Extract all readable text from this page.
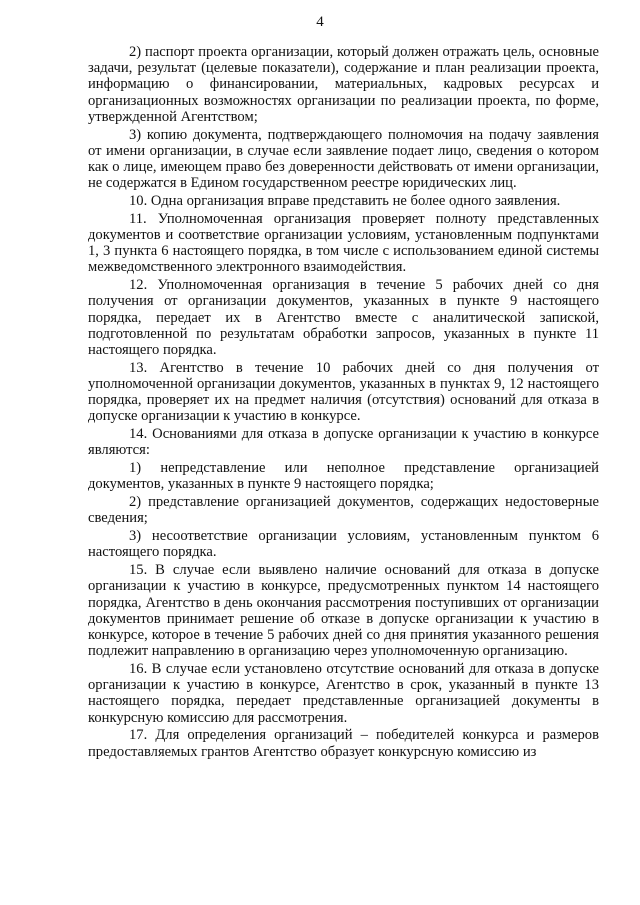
4

2) паспорт проекта организации, который должен отражать цель, основные задачи, результат (целевые показатели), содержание и план реализации проекта, информацию о финансировании, материальных, кадровых ресурсах и организационных возможностях организации по реализации проекта, по форме, утвержденной Агентством;

3) копию документа, подтверждающего полномочия на подачу заявления от имени организации, в случае если заявление подает лицо, сведения о котором как о лице, имеющем право без доверенности действовать от имени организации, не содержатся в Едином государственном реестре юридических лиц.

10. Одна организация вправе представить не более одного заявления.

11. Уполномоченная организация проверяет полноту представленных документов и соответствие организации условиям, установленным подпунктами 1, 3 пункта 6 настоящего порядка, в том числе с использованием единой системы межведомственного электронного взаимодействия.

12. Уполномоченная организация в течение 5 рабочих дней со дня получения от организации документов, указанных в пункте 9 настоящего порядка, передает их в Агентство вместе с аналитической запиской, подготовленной по результатам обработки запросов, указанных в пункте 11 настоящего порядка.

13. Агентство в течение 10 рабочих дней со дня получения от уполномоченной организации документов, указанных в пунктах 9, 12 настоящего порядка, проверяет их на предмет наличия (отсутствия) оснований для отказа в допуске организации к участию в конкурсе.

14. Основаниями для отказа в допуске организации к участию в конкурсе являются:

1) непредставление или неполное представление организацией документов, указанных в пункте 9 настоящего порядка;

2) представление организацией документов, содержащих недостоверные сведения;

3) несоответствие организации условиям, установленным пунктом 6 настоящего порядка.

15. В случае если выявлено наличие оснований для отказа в допуске организации к участию в конкурсе, предусмотренных пунктом 14 настоящего порядка, Агентство в день окончания рассмотрения поступивших от организации документов принимает решение об отказе в допуске организации к участию в конкурсе, которое в течение 5 рабочих дней со дня принятия указанного решения подлежит направлению в организацию через уполномоченную организацию.

16. В случае если установлено отсутствие оснований для отказа в допуске организации к участию в конкурсе, Агентство в срок, указанный в пункте 13 настоящего порядка, передает представленные организацией документы в конкурсную комиссию для рассмотрения.

17. Для определения организаций – победителей конкурса и размеров предоставляемых грантов Агентство образует конкурсную комиссию из
